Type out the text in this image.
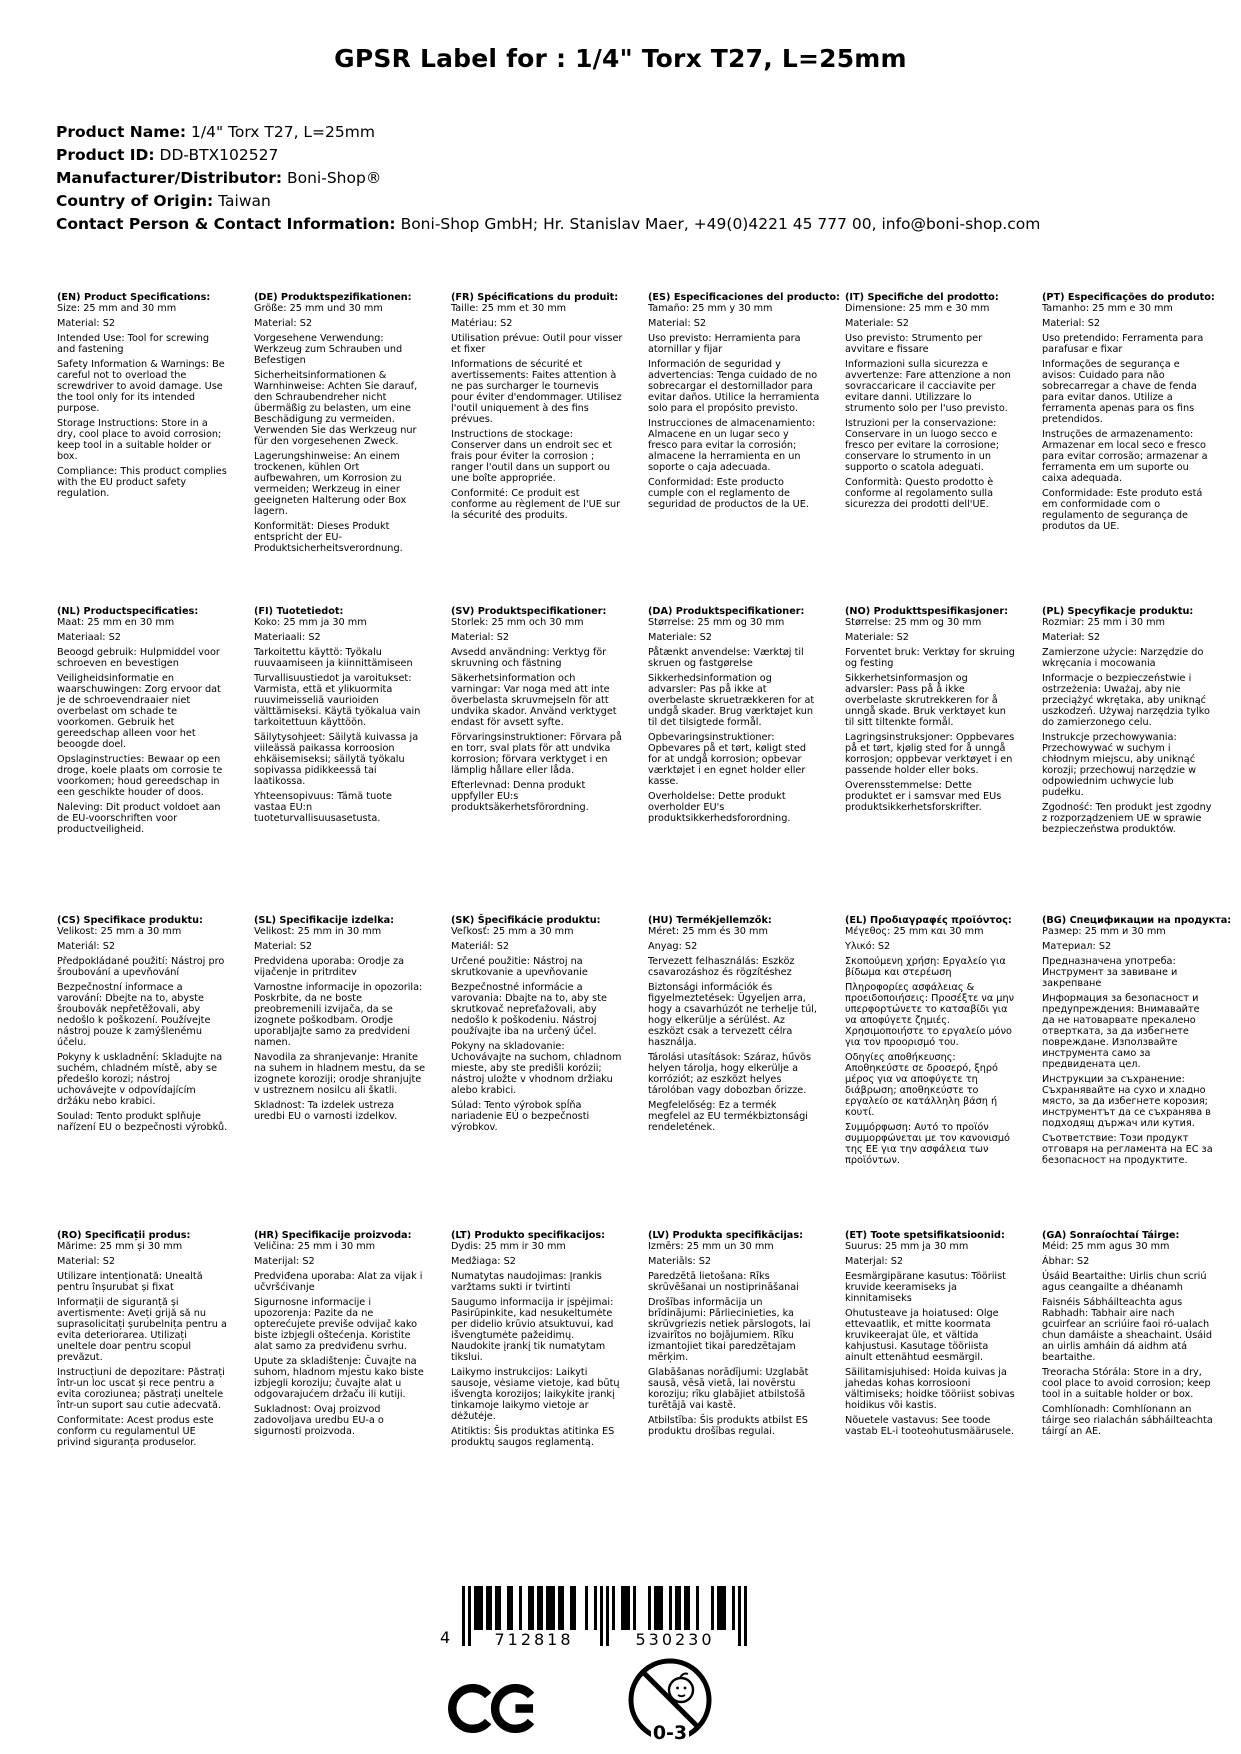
GPSR Label for : 1/4" Torx T27, L=25mm
Product Name: 1/4" Torx T27, L=25mm
Product ID: DD-BTX102527
Manufacturer/Distributor: Boni-Shop®
Country of Origin: Taiwan
Contact Person & Contact Information: Boni-Shop GmbH; Hr. Stanislav Maer, +49(0)4221 45 777 00, info@boni-shop.com
(EN) Product Specifications:

Size: 25 mm and 30 mm

Material: S2

Intended Use: Tool for screwing and fastening

Safety Information & Warnings: Be careful not to overload the screwdriver to avoid damage. Use the tool only for its intended purpose.

Storage Instructions: Store in a dry, cool place to avoid corrosion; keep tool in a suitable holder or box.

Compliance: This product complies with the EU product safety regulation.

(DE) Produktspezifikationen:

Größe: 25 mm und 30 mm

Material: S2

Vorgesehene Verwendung: Werkzeug zum Schrauben und Befestigen

Sicherheitsinformationen & Warnhinweise: Achten Sie darauf, den Schraubendreher nicht übermäßig zu belasten, um eine Beschädigung zu vermeiden. Verwenden Sie das Werkzeug nur für den vorgesehenen Zweck.

Lagerungshinweise: An einem trockenen, kühlen Ort aufbewahren, um Korrosion zu vermeiden; Werkzeug in einer geeigneten Halterung oder Box lagern.

Konformität: Dieses Produkt entspricht der EU-Produktsicherheitsverordnung.

(FR) Spécifications du produit:

Taille: 25 mm et 30 mm

Matériau: S2

Utilisation prévue: Outil pour visser et fixer

Informations de sécurité et avertissements: Faites attention à ne pas surcharger le tournevis pour éviter d'endommager. Utilisez l'outil uniquement à des fins prévues.

Instructions de stockage: Conserver dans un endroit sec et frais pour éviter la corrosion ; ranger l'outil dans un support ou une boîte appropriée.

Conformité: Ce produit est conforme au règlement de l'UE sur la sécurité des produits.

(ES) Especificaciones del producto:

Tamaño: 25 mm y 30 mm

Material: S2

Uso previsto: Herramienta para atornillar y fijar

Información de seguridad y advertencias: Tenga cuidado de no sobrecargar el destornillador para evitar daños. Utilice la herramienta solo para el propósito previsto.

Instrucciones de almacenamiento: Almacene en un lugar seco y fresco para evitar la corrosión; almacene la herramienta en un soporte o caja adecuada.

Conformidad: Este producto cumple con el reglamento de seguridad de productos de la UE.

(IT) Specifiche del prodotto:

Dimensione: 25 mm e 30 mm

Materiale: S2

Uso previsto: Strumento per avvitare e fissare

Informazioni sulla sicurezza e avvertenze: Fare attenzione a non sovraccaricare il cacciavite per evitare danni. Utilizzare lo strumento solo per l'uso previsto.

Istruzioni per la conservazione: Conservare in un luogo secco e fresco per evitare la corrosione; conservare lo strumento in un supporto o scatola adeguati.

Conformità: Questo prodotto è conforme al regolamento sulla sicurezza dei prodotti dell'UE.

(PT) Especificações do produto:

Tamanho: 25 mm e 30 mm

Material: S2

Uso pretendido: Ferramenta para parafusar e fixar

Informações de segurança e avisos: Cuidado para não sobrecarregar a chave de fenda para evitar danos. Utilize a ferramenta apenas para os fins pretendidos.

Instruções de armazenamento: Armazenar em local seco e fresco para evitar corrosão; armazenar a ferramenta em um suporte ou caixa adequada.

Conformidade: Este produto está em conformidade com o regulamento de segurança de produtos da UE.

(NL) Productspecificaties:

Maat: 25 mm en 30 mm

Materiaal: S2

Beoogd gebruik: Hulpmiddel voor schroeven en bevestigen

Veiligheidsinformatie en waarschuwingen: Zorg ervoor dat je de schroevendraaier niet overbelast om schade te voorkomen. Gebruik het gereedschap alleen voor het beoogde doel.

Opslaginstructies: Bewaar op een droge, koele plaats om corrosie te voorkomen; houd gereedschap in een geschikte houder of doos.

Naleving: Dit product voldoet aan de EU-voorschriften voor productveiligheid.

(FI) Tuotetiedot:

Koko: 25 mm ja 30 mm

Materiaali: S2

Tarkoitettu käyttö: Työkalu ruuvaamiseen ja kiinnittämiseen

Turvallisuustiedot ja varoitukset: Varmista, että et ylikuormita ruuvimeisseliä vaurioiden välttämiseksi. Käytä työkalua vain tarkoitettuun käyttöön.

Säilytysohjeet: Säilytä kuivassa ja viileässä paikassa korroosion ehkäisemiseksi; säilytä työkalu sopivassa pidikkeessä tai laatikossa.

Yhteensopivuus: Tämä tuote vastaa EU:n tuoteturvallisuusasetusta.

(SV) Produktspecifikationer:

Storlek: 25 mm och 30 mm

Material: S2

Avsedd användning: Verktyg för skruvning och fästning

Säkerhetsinformation och varningar: Var noga med att inte överbelasta skruvmejseln för att undvika skador. Använd verktyget endast för avsett syfte.

Förvaringsinstruktioner: Förvara på en torr, sval plats för att undvika korrosion; förvara verktyget i en lämplig hållare eller låda.

Efterlevnad: Denna produkt uppfyller EU:s produktsäkerhetsförordning.

(DA) Produktspecifikationer:

Størrelse: 25 mm og 30 mm

Materiale: S2

Påtænkt anvendelse: Værktøj til skruen og fastgørelse

Sikkerhedsinformation og advarsler: Pas på ikke at overbelaste skruetrækkeren for at undgå skader. Brug værktøjet kun til det tilsigtede formål.

Opbevaringsinstruktioner: Opbevares på et tørt, køligt sted for at undgå korrosion; opbevar værktøjet i en egnet holder eller kasse.

Overholdelse: Dette produkt overholder EU's produktsikkerhedsforordning.

(NO) Produkttspesifikasjoner:

Størrelse: 25 mm og 30 mm

Materiale: S2

Forventet bruk: Verktøy for skruing og festing

Sikkerhetsinformasjon og advarsler: Pass på å ikke overbelaste skrutrekkeren for å unngå skade. Bruk verktøyet kun til sitt tiltenkte formål.

Lagringsinstruksjoner: Oppbevares på et tørt, kjølig sted for å unngå korrosjon; oppbevar verktøyet i en passende holder eller boks.

Overensstemmelse: Dette produktet er i samsvar med EUs produktsikkerhetsforskrifter.

(PL) Specyfikacje produktu:

Rozmiar: 25 mm i 30 mm

Materiał: S2

Zamierzone użycie: Narzędzie do wkręcania i mocowania

Informacje o bezpieczeństwie i ostrzeżenia: Uważaj, aby nie przeciążyć wkrętaka, aby uniknąć uszkodzeń. Używaj narzędzia tylko do zamierzonego celu.

Instrukcje przechowywania: Przechowywać w suchym i chłodnym miejscu, aby uniknąć korozji; przechowuj narzędzie w odpowiednim uchwycie lub pudełku.

Zgodność: Ten produkt jest zgodny z rozporządzeniem UE w sprawie bezpieczeństwa produktów.

(CS) Specifikace produktu:

Velikost: 25 mm a 30 mm

Materiál: S2

Předpokládané použití: Nástroj pro šroubování a upevňování

Bezpečnostní informace a varování: Dbejte na to, abyste šroubovák nepřetěžovali, aby nedošlo k poškození. Používejte nástroj pouze k zamýšlenému účelu.

Pokyny k uskladnění: Skladujte na suchém, chladném místě, aby se předešlo korozi; nástroj uchovávejte v odpovídajícím držáku nebo krabici.

Soulad: Tento produkt splňuje nařízení EU o bezpečnosti výrobků.

(SL) Specifikacije izdelka:

Velikost: 25 mm in 30 mm

Material: S2

Predvidena uporaba: Orodje za vijačenje in pritrditev

Varnostne informacije in opozorila: Poskrbite, da ne boste preobremenili izvijača, da se izognete poškodbam. Orodje uporabljajte samo za predvideni namen.

Navodila za shranjevanje: Hranite na suhem in hladnem mestu, da se izognete koroziji; orodje shranjujte v ustreznem nosilcu ali škatli.

Skladnost: Ta izdelek ustreza uredbi EU o varnosti izdelkov.

(SK) Špecifikácie produktu:

Veľkosť: 25 mm a 30 mm

Materiál: S2

Určené použitie: Nástroj na skrutkovanie a upevňovanie

Bezpečnostné informácie a varovania: Dbajte na to, aby ste skrutkovač nepreťažovali, aby nedošlo k poškodeniu. Nástroj používajte iba na určený účel.

Pokyny na skladovanie: Uchovávajte na suchom, chladnom mieste, aby ste predišli korózii; nástroj uložte v vhodnom držiaku alebo krabici.

Súlad: Tento výrobok spĺňa nariadenie EÚ o bezpečnosti výrobkov.

(HU) Termékjellemzők:

Méret: 25 mm és 30 mm

Anyag: S2

Tervezett felhasználás: Eszköz csavarozáshoz és rögzítéshez

Biztonsági információk és figyelmeztetések: Ügyeljen arra, hogy a csavarhúzót ne terhelje túl, hogy elkerülje a sérülést. Az eszközt csak a tervezett célra használja.

Tárolási utasítások: Száraz, hűvös helyen tárolja, hogy elkerülje a korróziót; az eszközt helyes tárolóban vagy dobozban őrizze.

Megfelelőség: Ez a termék megfelel az EU termékbiztonsági rendeletének.

(EL) Προδιαγραφές προϊόντος:

Μέγεθος: 25 mm και 30 mm

Υλικό: S2

Σκοπούμενη χρήση: Εργαλείο για βίδωμα και στερέωση

Πληροφορίες ασφάλειας & προειδοποιήσεις: Προσέξτε να μην υπερφορτώνετε το κατσαβίδι για να αποφύγετε ζημιές. Χρησιμοποιήστε το εργαλείο μόνο για τον προορισμό του.

Οδηγίες αποθήκευσης: Αποθηκεύστε σε δροσερό, ξηρό μέρος για να αποφύγετε τη διάβρωση; αποθηκεύστε το εργαλείο σε κατάλληλη βάση ή κουτί.

Συμμόρφωση: Αυτό το προϊόν συμμορφώνεται με τον κανονισμό της ΕΕ για την ασφάλεια των προϊόντων.

(BG) Спецификации на продукта:

Размер: 25 mm и 30 mm

Материал: S2

Предназначена употреба: Инструмент за завиване и закрепване

Информация за безопасност и предупреждения: Внимавайте да не натоварвате прекалено отвертката, за да избегнете повреждане. Използвайте инструмента само за предвидената цел.

Инструкции за съхранение: Съхранявайте на сухо и хладно място, за да избегнете корозия; инструментът да се съхранява в подходящ държач или кутия.

Съответствие: Този продукт отговаря на регламента на ЕС за безопасност на продуктите.

(RO) Specificații produs:

Mărime: 25 mm și 30 mm

Material: S2

Utilizare intenționată: Unealtă pentru înșurubat și fixat

Informații de siguranță și avertismente: Aveți grijă să nu suprasolicitați șurubelnița pentru a evita deteriorarea. Utilizați uneltele doar pentru scopul prevăzut.

Instrucțiuni de depozitare: Păstrați într-un loc uscat și rece pentru a evita coroziunea; păstrați uneltele într-un suport sau cutie adecvată.

Conformitate: Acest produs este conform cu regulamentul UE privind siguranța produselor.

(HR) Specifikacije proizvoda:

Veličina: 25 mm i 30 mm

Materijal: S2

Predviđena uporaba: Alat za vijak i učvršćivanje

Sigurnosne informacije i upozorenja: Pazite da ne opterećujete previše odvijač kako biste izbjegli oštećenja. Koristite alat samo za predviđenu svrhu.

Upute za skladištenje: Čuvajte na suhom, hladnom mjestu kako biste izbjegli koroziju; čuvajte alat u odgovarajućem držaču ili kutiji.

Sukladnost: Ovaj proizvod zadovoljava uredbu EU-a o sigurnosti proizvoda.

(LT) Produkto specifikacijos:

Dydis: 25 mm ir 30 mm

Medžiaga: S2

Numatytas naudojimas: Įrankis varžtams sukti ir tvirtinti

Saugumo informacija ir įspėjimai: Pasirūpinkite, kad nesukeltumėte per didelio krūvio atsuktuvui, kad išvengtumėte pažeidimų. Naudokite įrankį tik numatytam tikslui.

Laikymo instrukcijos: Laikyti sausoje, vėsiame vietoje, kad būtų išvengta korozijos; laikykite įrankį tinkamoje laikymo vietoje ar dėžutėje.

Atitiktis: Šis produktas atitinka ES produktų saugos reglamentą.

(LV) Produkta specifikācijas:

Izmērs: 25 mm un 30 mm

Materiāls: S2

Paredzētā lietošana: Rīks skrūvēšanai un nostiprināšanai

Drošības informācija un brīdinājumi: Pārliecinieties, ka skrūvgriezis netiek pārslogots, lai izvairītos no bojājumiem. Rīku izmantojiet tikai paredzētajam mērķim.

Glabāšanas norādījumi: Uzglabāt sausā, vēsā vietā, lai novērstu koroziju; rīku glabājiet atbilstošā turētājā vai kastē.

Atbilstība: Šis produkts atbilst ES produktu drošības regulai.

(ET) Toote spetsifikatsioonid:

Suurus: 25 mm ja 30 mm

Materjal: S2

Eesmärgipärane kasutus: Tööriist kruvide keeramiseks ja kinnitamiseks

Ohutusteave ja hoiatused: Olge ettevaatlik, et mitte koormata kruvikeerajat üle, et vältida kahjustusi. Kasutage tööriista ainult ettenähtud eesmärgil.

Säilitamisjuhised: Hoida kuivas ja jahedas kohas korrosiooni vältimiseks; hoidke tööriist sobivas hoidikus või kastis.

Nõuetele vastavus: See toode vastab EL-i tooteohutusmäärusele.

(GA) Sonraíochtaí Táirge:

Méid: 25 mm agus 30 mm

Ábhar: S2

Úsáid Beartaithe: Uirlis chun scriú agus ceangailte a dhéanamh

Faisnéis Sábháilteachta agus Rabhadh: Tabhair aire nach gcuirfear an scriúire faoi ró-ualach chun damáiste a sheachaint. Úsáid an uirlis amháin dá aidhm atá beartaithe.

Treoracha Stórála: Store in a dry, cool place to avoid corrosion; keep tool in a suitable holder or box.

Comhlíonadh: Comhlíonann an táirge seo rialachán sábháilteachta táirgí an AE.

4	712818	530230
0-3
